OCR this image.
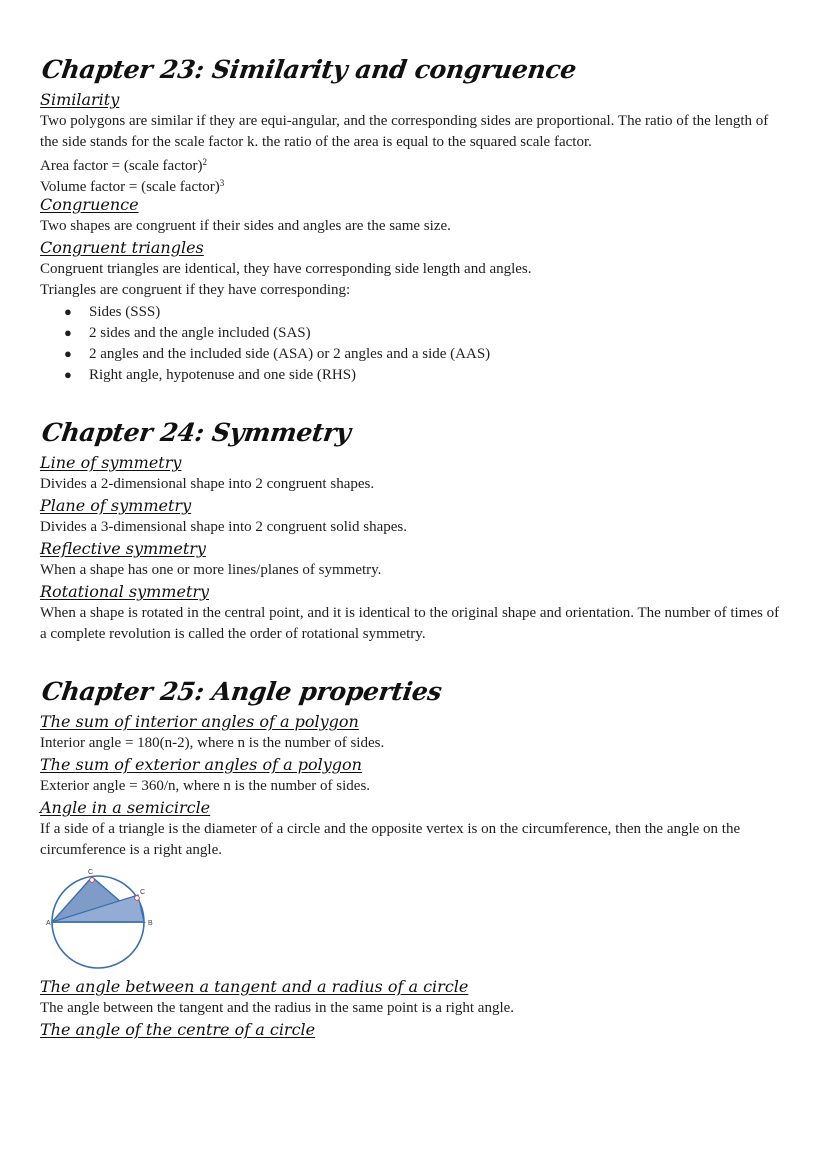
Chapter 23: Similarity and congruence
Similarity
Two polygons are similar if they are equi-angular, and the corresponding sides are proportional. The ratio of the length of the side stands for the scale factor k. the ratio of the area is equal to the squared scale factor.
Area factor = (scale factor)$^2$
Volume factor = (scale factor)$^3$
Congruence
Two shapes are congruent if their sides and angles are the same size.
Congruent triangles
Congruent triangles are identical, they have corresponding side length and angles.
Triangles are congruent if they have corresponding:
● Sides (SSS)
● 2 sides and the angle included (SAS)
● 2 angles and the included side (ASA) or 2 angles and a side (AAS)
● Right angle, hypotenuse and one side (RHS)
Chapter 24: Symmetry
Line of symmetry
Divides a 2-dimensional shape into 2 congruent shapes.
Plane of symmetry
Divides a 3-dimensional shape into 2 congruent solid shapes.
Reflective symmetry
When a shape has one or more lines/planes of symmetry.
Rotational symmetry
When a shape is rotated in the central point, and it is identical to the original shape and orientation. The number of times of a complete revolution is called the order of rotational symmetry.
Chapter 25: Angle properties
The sum of interior angles of a polygon
Interior angle = 180(n-2), where n is the number of sides.
The sum of exterior angles of a polygon
Exterior angle = 360/n, where n is the number of sides.
Angle in a semicircle
If a side of a triangle is the diameter of a circle and the opposite vertex is on the circumference, then the angle on the circumference is a right angle.
A	B
C
C
The angle between a tangent and a radius of a circle
The angle between the tangent and the radius in the same point is a right angle.
The angle of the centre of a circle
